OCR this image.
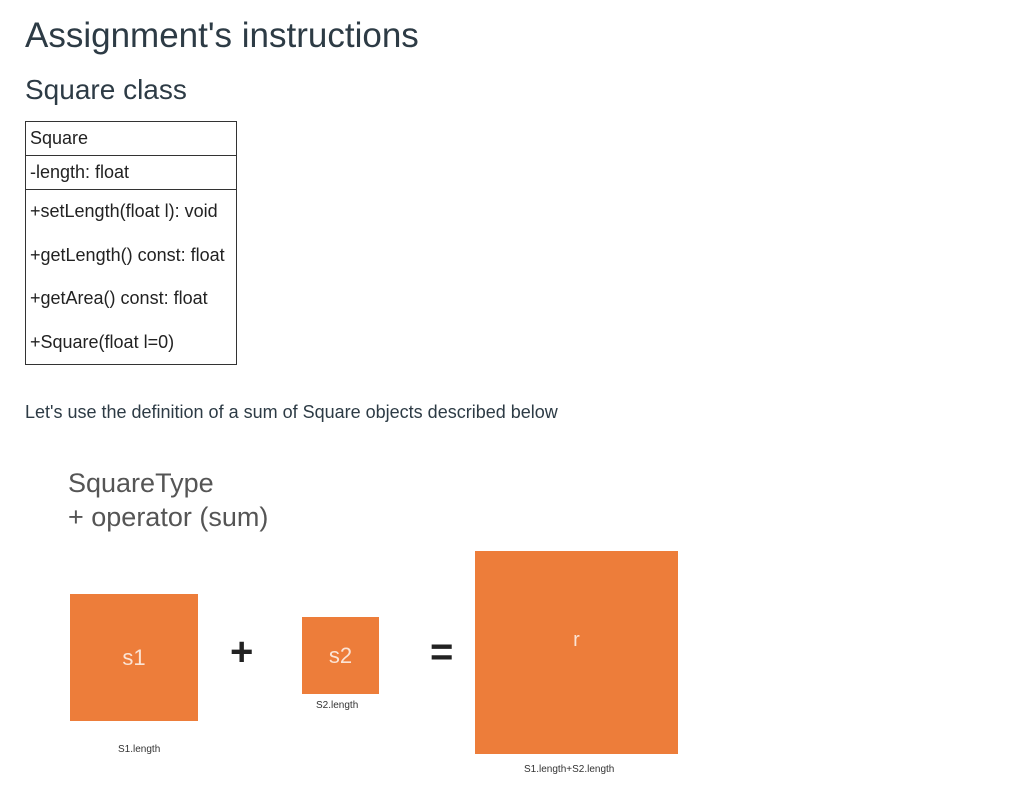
Assignment's instructions
Square class
Square
-length: float

+setLength(float l): void
+getLength() const: float
+getArea() const: float
+Square(float l=0)
Let's use the definition of a sum of Square objects described below
SquareType
+ operator (sum)
s1
S1.length
+	s2
S2.length
=	r
S1.length+S2.length
